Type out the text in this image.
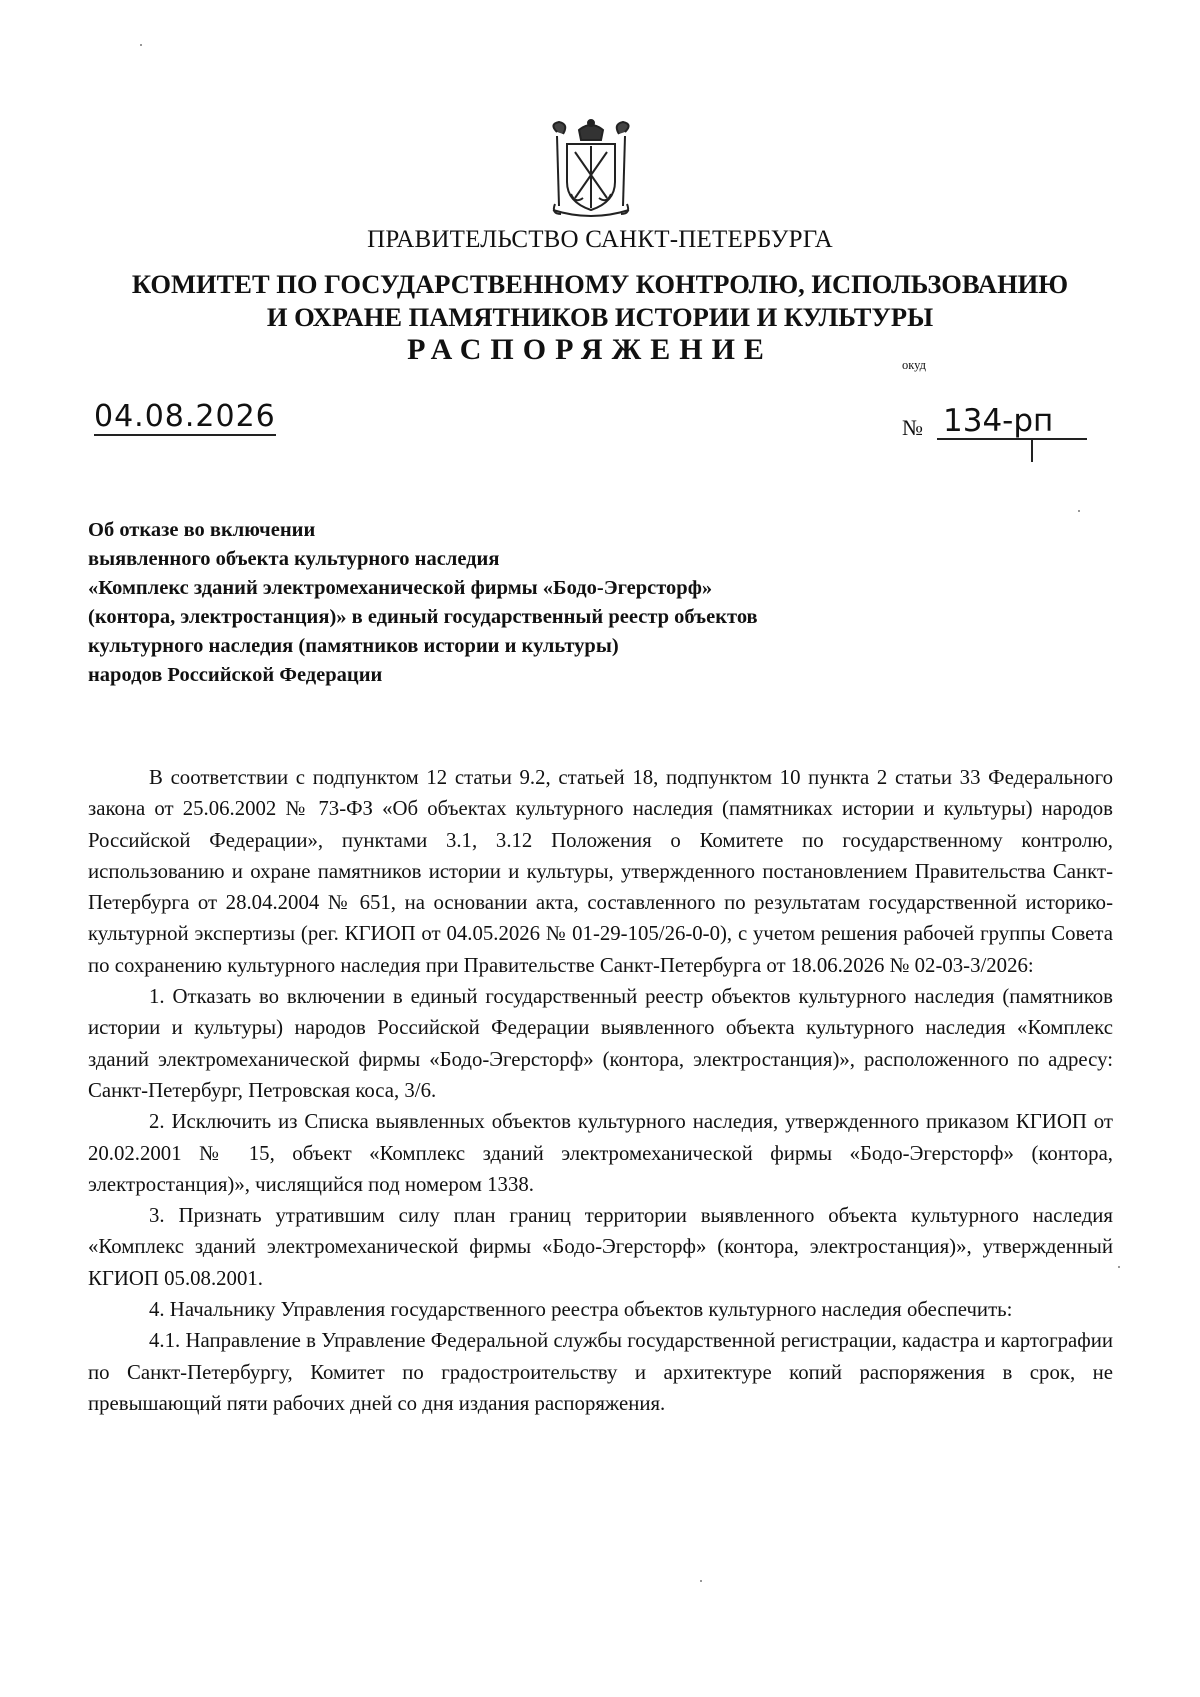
ПРАВИТЕЛЬСТВО САНКТ-ПЕТЕРБУРГА
КОМИТЕТ ПО ГОСУДАРСТВЕННОМУ КОНТРОЛЮ, ИСПОЛЬЗОВАНИЮ
И ОХРАНЕ ПАМЯТНИКОВ ИСТОРИИ И КУЛЬТУРЫ
РАСПОРЯЖЕНИЕ	окуд
04.08.2026	№ 134-рп
Об отказе во включении
выявленного объекта культурного наследия
«Комплекс зданий электромеханической фирмы «Бодо-Эгерсторф»
(контора, электростанция)» в единый государственный реестр объектов
культурного наследия (памятников истории и культуры)
народов Российской Федерации

В соответствии с подпунктом 12 статьи 9.2, статьей 18, подпунктом 10 пункта 2 статьи 33 Федерального закона от 25.06.2002 № 73-ФЗ «Об объектах культурного наследия (памятниках истории и культуры) народов Российской Федерации», пунктами 3.1, 3.12 Положения о Комитете по государственному контролю, использованию и охране памятников истории и культуры, утвержденного постановлением Правительства Санкт-Петербурга от 28.04.2004 № 651, на основании акта, составленного по результатам государственной историко-культурной экспертизы (рег. КГИОП от 04.05.2026 № 01-29-105/26-0-0), с учетом решения рабочей группы Совета по сохранению культурного наследия при Правительстве Санкт-Петербурга от 18.06.2026 № 02-03-3/2026:

1. Отказать во включении в единый государственный реестр объектов культурного наследия (памятников истории и культуры) народов Российской Федерации выявленного объекта культурного наследия «Комплекс зданий электромеханической фирмы «Бодо-Эгерсторф» (контора, электростанция)», расположенного по адресу: Санкт-Петербург, Петровская коса, 3/6.

2. Исключить из Списка выявленных объектов культурного наследия, утвержденного приказом КГИОП от 20.02.2001 № 15, объект «Комплекс зданий электромеханической фирмы «Бодо-Эгерсторф» (контора, электростанция)», числящийся под номером 1338.

3. Признать утратившим силу план границ территории выявленного объекта культурного наследия «Комплекс зданий электромеханической фирмы «Бодо-Эгерсторф» (контора, электростанция)», утвержденный КГИОП 05.08.2001.

4. Начальнику Управления государственного реестра объектов культурного наследия обеспечить:

4.1. Направление в Управление Федеральной службы государственной регистрации, кадастра и картографии по Санкт-Петербургу, Комитет по градостроительству и архитектуре копий распоряжения в срок, не превышающий пяти рабочих дней со дня издания распоряжения.
